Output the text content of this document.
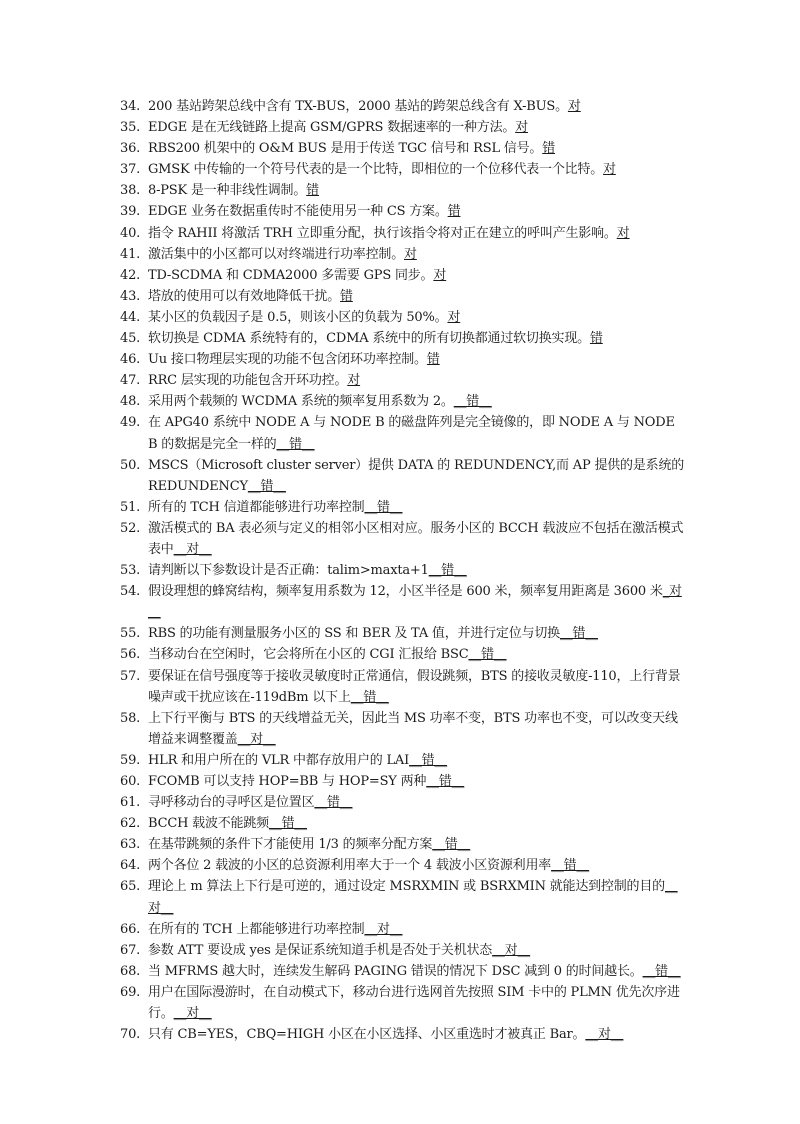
34. 200 基站跨架总线中含有 TX-BUS，2000 基站的跨架总线含有 X-BUS。对
35. EDGE 是在无线链路上提高 GSM/GPRS 数据速率的一种方法。对
36. RBS200 机架中的 O&M BUS 是用于传送 TGC 信号和 RSL 信号。错
37. GMSK 中传输的一个符号代表的是一个比特，即相位的一个位移代表一个比特。对
38. 8-PSK 是一种非线性调制。错
39. EDGE 业务在数据重传时不能使用另一种 CS 方案。错
40. 指令 RAHII 将激活 TRH 立即重分配，执行该指令将对正在建立的呼叫产生影响。对
41. 激活集中的小区都可以对终端进行功率控制。对
42. TD-SCDMA 和 CDMA2000 多需要 GPS 同步。对
43. 塔放的使用可以有效地降低干扰。错
44. 某小区的负载因子是 0.5，则该小区的负载为 50%。对
45. 软切换是 CDMA 系统特有的，CDMA 系统中的所有切换都通过软切换实现。错
46. Uu 接口物理层实现的功能不包含闭环功率控制。错
47. RRC 层实现的功能包含开环功控。对
48. 采用两个载频的 WCDMA 系统的频率复用系数为 2。__错__
49. 在 APG40 系统中 NODE A 与 NODE B 的磁盘阵列是完全镜像的，即 NODE A 与 NODE B 的数据是完全一样的__错__
50. MSCS（Microsoft cluster server）提供 DATA 的 REDUNDENCY,而 AP 提供的是系统的 REDUNDENCY__错__
51. 所有的 TCH 信道都能够进行功率控制__错__
52. 激活模式的 BA 表必须与定义的相邻小区相对应。服务小区的 BCCH 载波应不包括在激活模式表中__对__
53. 请判断以下参数设计是否正确：talim>maxta+1__错__
54. 假设理想的蜂窝结构，频率复用系数为 12，小区半径是 600 米，频率复用距离是 3600 米_对__
55. RBS 的功能有测量服务小区的 SS 和 BER 及 TA 值，并进行定位与切换__错__
56. 当移动台在空闲时，它会将所在小区的 CGI 汇报给 BSC__错__
57. 要保证在信号强度等于接收灵敏度时正常通信，假设跳频，BTS 的接收灵敏度-110，上行背景噪声或干扰应该在-119dBm 以下上__错__
58. 上下行平衡与 BTS 的天线增益无关，因此当 MS 功率不变，BTS 功率也不变，可以改变天线增益来调整覆盖__对__
59. HLR 和用户所在的 VLR 中都存放用户的 LAI__错__
60. FCOMB 可以支持 HOP=BB 与 HOP=SY 两种__错__
61. 寻呼移动台的寻呼区是位置区__错__
62. BCCH 载波不能跳频__错__
63. 在基带跳频的条件下才能使用 1/3 的频率分配方案__错__
64. 两个各位 2 载波的小区的总资源利用率大于一个 4 载波小区资源利用率__错__
65. 理论上 m 算法上下行是可逆的，通过设定 MSRXMIN 或 BSRXMIN 就能达到控制的目的__对__
66. 在所有的 TCH 上都能够进行功率控制__对__
67. 参数 ATT 要设成 yes 是保证系统知道手机是否处于关机状态__对__
68. 当 MFRMS 越大时，连续发生解码 PAGING 错误的情况下 DSC 减到 0 的时间越长。__错__
69. 用户在国际漫游时，在自动模式下，移动台进行选网首先按照 SIM 卡中的 PLMN 优先次序进行。__对__
70. 只有 CB=YES，CBQ=HIGH 小区在小区选择、小区重选时才被真正 Bar。__对__
